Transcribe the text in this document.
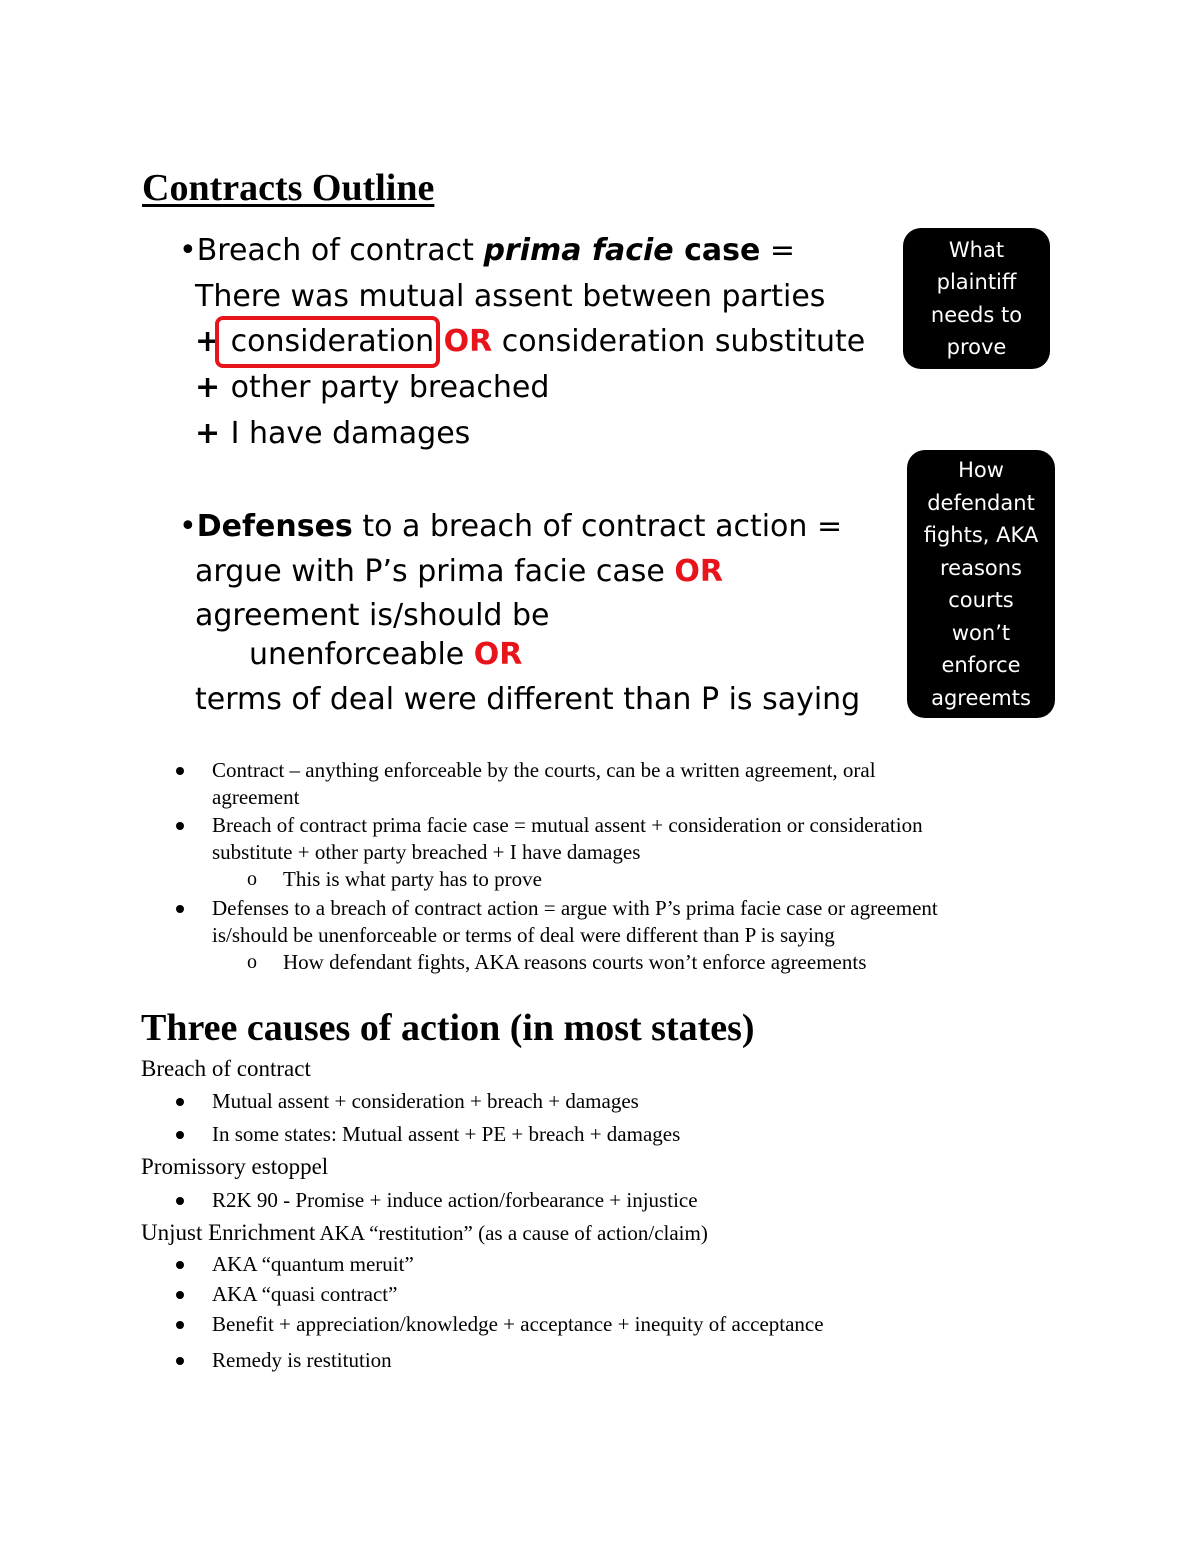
Contracts Outline
•Breach of contract prima facie case =
There was mutual assent between parties
+ consideration OR consideration substitute
+ other party breached
+ I have damages
What
plaintiff
needs to
prove
•Defenses to a breach of contract action =
argue with P’s prima facie case OR
agreement is/should be
unenforceable OR
terms of deal were different than P is saying
How
defendant
fights, AKA
reasons
courts
won’t
enforce
agreemts
Contract – anything enforceable by the courts, can be a written agreement, oral
agreement
Breach of contract prima facie case = mutual assent + consideration or consideration
substitute + other party breached + I have damages
o This is what party has to prove
Defenses to a breach of contract action = argue with P’s prima facie case or agreement
is/should be unenforceable or terms of deal were different than P is saying
o How defendant fights, AKA reasons courts won’t enforce agreements
Three causes of action (in most states)
Breach of contract
Mutual assent + consideration + breach + damages
In some states: Mutual assent + PE + breach + damages
Promissory estoppel
R2K 90 - Promise + induce action/forbearance + injustice
Unjust Enrichment AKA “restitution” (as a cause of action/claim)
AKA “quantum meruit”
AKA “quasi contract”
Benefit + appreciation/knowledge + acceptance + inequity of acceptance
Remedy is restitution
